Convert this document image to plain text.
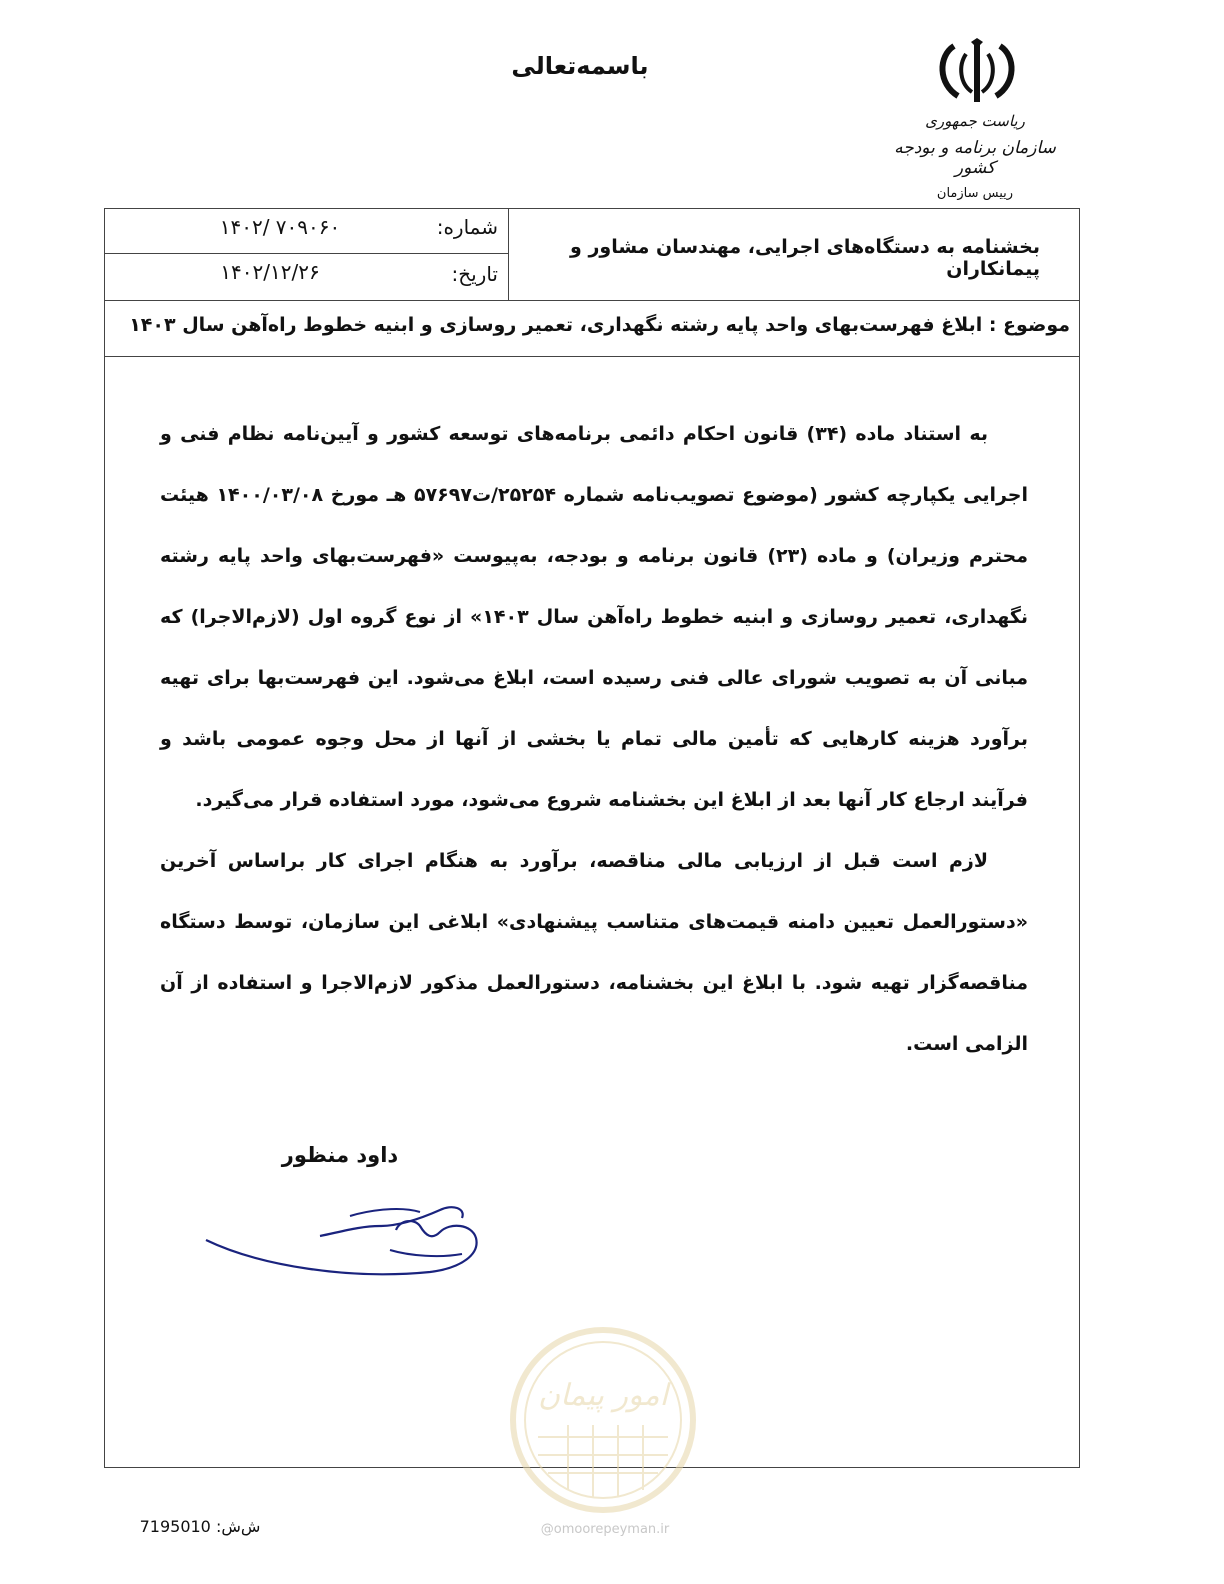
باسمه‌تعالی
ریاست جمهوری
سازمان برنامه و بودجه کشور
رییس سازمان
شماره:
۱۴۰۲/ ۷۰۹۰۶۰
تاریخ:
۱۴۰۲/۱۲/۲۶
بخشنامه به دستگاه‌های اجرایی، مهندسان مشاور و پیمانکاران
موضوع : ابلاغ فهرست‌بهای واحد پایه رشته نگهداری، تعمیر روسازی و ابنیه خطوط راه‌آهن سال ۱۴۰۳

به استناد ماده (۳۴) قانون احکام دائمی برنامه‌های توسعه کشور و آیین‌نامه نظام فنی و اجرایی یکپارچه کشور (موضوع تصویب‌نامه شماره ۲۵۲۵۴/ت۵۷۶۹۷ هـ مورخ ۱۴۰۰/۰۳/۰۸ هیئت محترم وزیران) و ماده (۲۳) قانون برنامه و بودجه، به‌پیوست «فهرست‌بهای واحد پایه رشته نگهداری، تعمیر روسازی و ابنیه خطوط راه‌آهن سال ۱۴۰۳» از نوع گروه اول (لازم‌الاجرا) که مبانی آن به تصویب شورای عالی فنی رسیده است، ابلاغ می‌شود. این فهرست‌بها برای تهیه برآورد هزینه کارهایی که تأمین مالی تمام یا بخشی از آنها از محل وجوه عمومی باشد و فرآیند ارجاع کار آنها بعد از ابلاغ این بخشنامه شروع می‌شود، مورد استفاده قرار می‌گیرد.

لازم است قبل از ارزیابی مالی مناقصه، برآورد به هنگام اجرای کار براساس آخرین «دستورالعمل تعیین دامنه قیمت‌های متناسب پیشنهادی» ابلاغی این سازمان، توسط دستگاه مناقصه‌گزار تهیه شود. با ابلاغ این بخشنامه، دستورالعمل مذکور لازم‌الاجرا و استفاده از آن الزامی است.

داود منظور
امور پیمان
@omoorepeyman.ir
ش‌ش: 7195010
